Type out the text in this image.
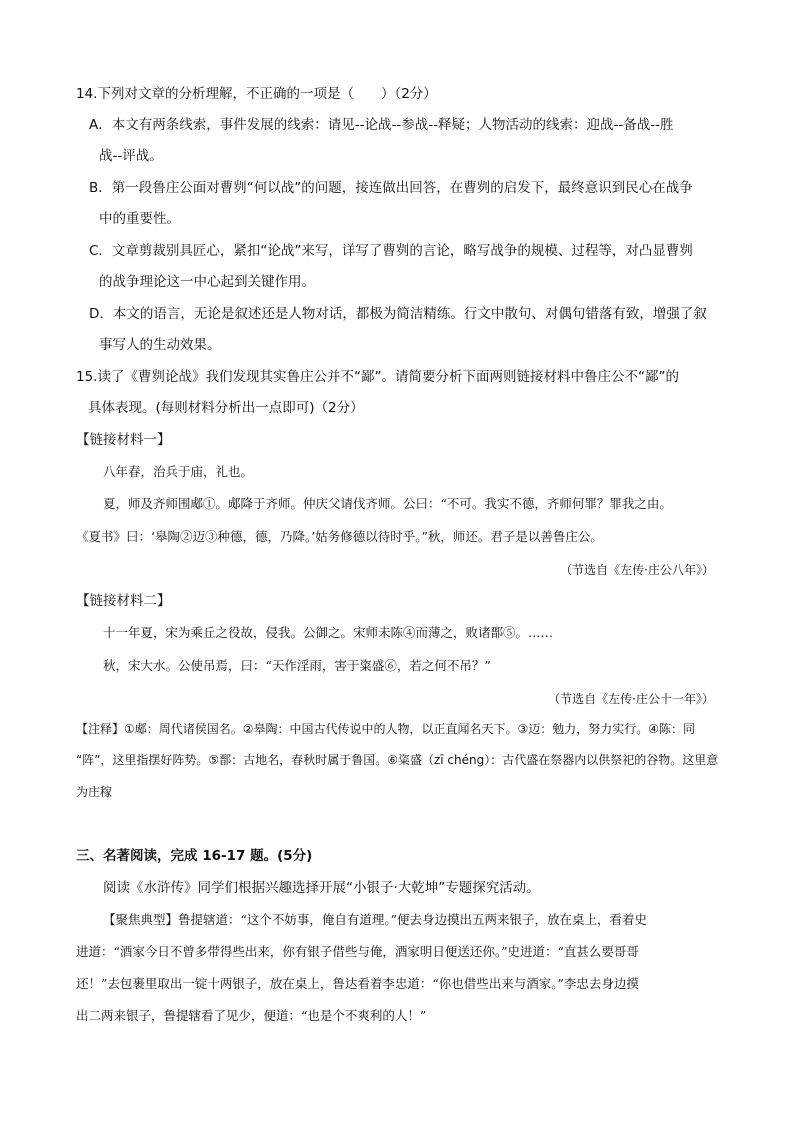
14.下列对文章的分析理解，不正确的一项是（　　）（2分）
A．本文有两条线索，事件发展的线索：请见--论战--参战--释疑；人物活动的线索：迎战--备战--胜
战--评战。
B．第一段鲁庄公面对曹刿“何以战”的问题，接连做出回答，在曹刿的启发下，最终意识到民心在战争
中的重要性。
C．文章剪裁别具匠心，紧扣“论战”来写，详写了曹刿的言论，略写战争的规模、过程等，对凸显曹刿
的战争理论这一中心起到关键作用。
D．本文的语言，无论是叙述还是人物对话，都极为简洁精练。行文中散句、对偶句错落有致，增强了叙
事写人的生动效果。
15.读了《曹刿论战》我们发现其实鲁庄公并不“鄙”。请简要分析下面两则链接材料中鲁庄公不“鄙”的
具体表现。(每则材料分析出一点即可)（2分）
【链接材料一】
八年春，治兵于庙，礼也。
夏，师及齐师围郕①。郕降于齐师。仲庆父请伐齐师。公曰：“不可。我实不德，齐师何罪？罪我之由。
《夏书》曰：‘皋陶②迈③种德，德，乃降。’姑务修德以待时乎。”秋，师还。君子是以善鲁庄公。
（节选自《左传·庄公八年》）
【链接材料二】
十一年夏，宋为乘丘之役故，侵我。公御之。宋师未陈④而薄之，败诸鄑⑤。……
秋，宋大水。公使吊焉，曰：“天作淫雨，害于粢盛⑥，若之何不吊？”
（节选自《左传·庄公十一年》）
【注释】①郕：周代诸侯国名。②皋陶：中国古代传说中的人物，以正直闻名天下。③迈：勉力，努力实行。④陈：同
“阵”，这里指摆好阵势。⑤鄑：古地名，春秋时属于鲁国。⑥粢盛（zī chéng）：古代盛在祭器内以供祭祀的谷物。这里意
为庄稼
三、名著阅读，完成 16-17 题。(5分)
阅读《水浒传》同学们根据兴趣选择开展“小银子·大乾坤”专题探究活动。
【聚焦典型】鲁提辖道：“这个不妨事，俺自有道理。”便去身边摸出五两来银子，放在桌上，看着史
进道：“酒家今日不曾多带得些出来，你有银子借些与俺，酒家明日便送还你。”史进道：“直甚么要哥哥
还！”去包裹里取出一锭十两银子，放在桌上，鲁达看着李忠道：“你也借些出来与酒家。”李忠去身边摸
出二两来银子，鲁提辖看了见少，便道：“也是个不爽利的人！”
